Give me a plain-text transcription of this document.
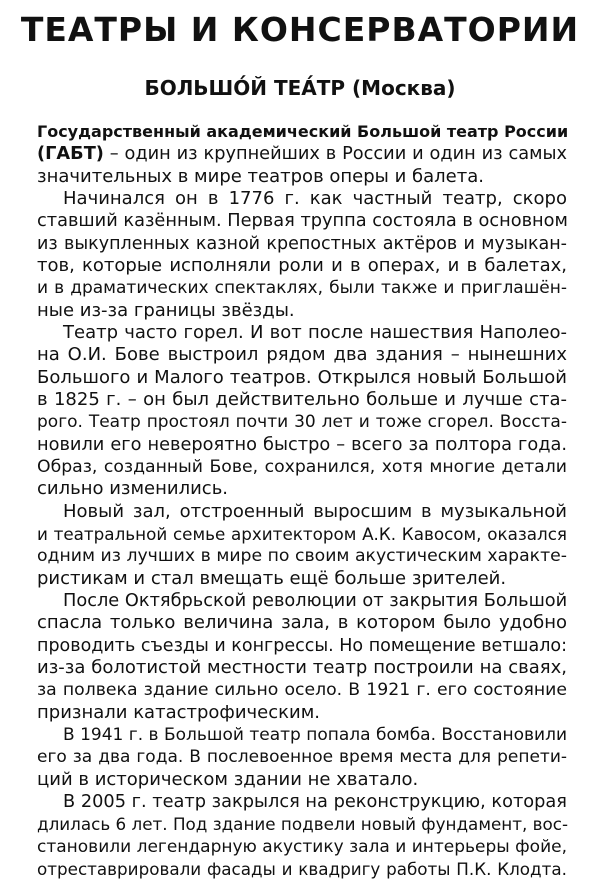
ТЕАТРЫ И КОНСЕРВАТОРИИ
БОЛЬШО́Й ТЕА́ТР (Москва)
Государственный академический Большой театр России
(ГАБТ) – один из крупнейших в России и один из самых
значительных в мире театров оперы и балета.
Начинался он в 1776 г. как частный театр, скоро
ставший казённым. Первая труппа состояла в основном
из выкупленных казной крепостных актёров и музыкан-
тов, которые исполняли роли и в операх, и в балетах,
и в драматических спектаклях, были также и приглашён-
ные из-за границы звёзды.
Театр часто горел. И вот после нашествия Наполео-
на О.И. Бове выстроил рядом два здания – нынешних
Большого и Малого театров. Открылся новый Большой
в 1825 г. – он был действительно больше и лучше ста-
рого. Театр простоял почти 30 лет и тоже сгорел. Восста-
новили его невероятно быстро – всего за полтора года.
Образ, созданный Бове, сохранился, хотя многие детали
сильно изменились.
Новый зал, отстроенный выросшим в музыкальной
и театральной семье архитектором А.К. Кавосом, оказался
одним из лучших в мире по своим акустическим характе-
ристикам и стал вмещать ещё больше зрителей.
После Октябрьской революции от закрытия Большой
спасла только величина зала, в котором было удобно
проводить съезды и конгрессы. Но помещение ветшало:
из-за болотистой местности театр построили на сваях,
за полвека здание сильно осело. В 1921 г. его состояние
признали катастрофическим.
В 1941 г. в Большой театр попала бомба. Восстановили
его за два года. В послевоенное время места для репети-
ций в историческом здании не хватало.
В 2005 г. театр закрылся на реконструкцию, которая
длилась 6 лет. Под здание подвели новый фундамент, вос-
становили легендарную акустику зала и интерьеры фойе,
отреставрировали фасады и квадригу работы П.К. Клодта.
